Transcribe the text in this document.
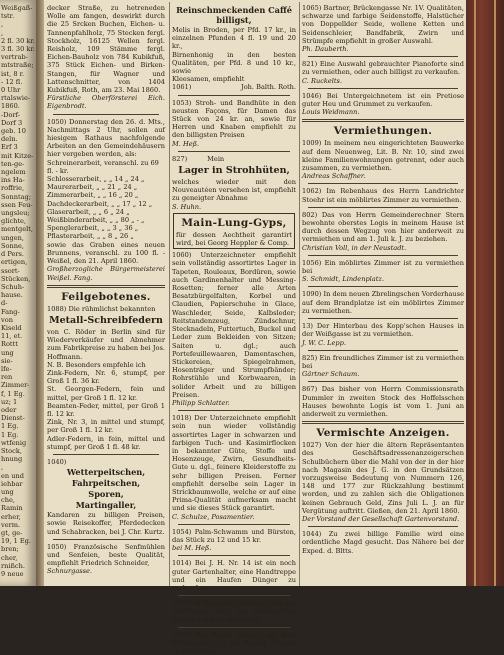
Weißgaß-
tstr.
,
,
2 fl. 30 kr.
3 fl. 30 kr.
vertrab-
mtstraße;
ist, 8 r.
- 12 fl.
0 Uhr
rtalswie-
1860.
-Dorf-
Dorf 3
geb. 10
deln.
Erf 3
mit Kitze-
ten-ge-
ngelem
ins Ha-
roffrie,
Sonntag;
ssen Feu-
ungsleu;
glichte,
mentgelt,
ungen,
Sonne,
d Pers.
ertigen,
ssort-
Stücken,
Schuh-
hause.
d-
Fang-
von
Kiseld
11, et.
Rottt
ung
sie-
lfe-
ren
Zimmer-
f, 1 Eg.
uz; 1
oder
Dienst-
1 Eg.
1 Eg.
wtfenig
Stock,
hnung
,
en und
iehbar
ung
che,
Ramin
erher,
verm.
gt, ge-
19, 1 Eg.
bren;
cher,
rnißch.
9 neue

decker Straße, zu hetreneden Wolle am fangen, deswirkt durch die 25 Srcken Buchen, Eichen- u. Tannenpfahlholz, 75 Stecken fergl. Stockholz, 16125 Wellen fergl. Reisholz, 109 Stämme fergl. Eichen-Bauholz von 784 Kubikfuß, 375 Stück Eichen- und Birken-Stangen, für Wagner und Lattenschnitter, von 1404 Kubikfuß, Roth, am 23. Mai 1860.

Fürstliche Oberförsterei Eich. Eigenbrodt.

1050) Donnerstag den 26. d. Mts., Nachmittags 2 Uhr, sollen auf hiesigem Rathaus nachfolgende Arbeiten an den Gemeindehäusern hier vergeben werden, als:

Schreinerarbeit, veranschl. zu 69 fl. - kr.
Schlosserarbeit, „ „ 14 „ 24 „
Maurerarbeit, „ „ 21 „ 24 „
Zimmerarbeit, „ „ 16 „ 20 „
Dachdeckerarbeit, „ „ 17 „ 12 „
Glaserarbeit, „ „ 6 „ 24 „
Weißbinderarbeit, „ „ 80 „ - „
Spenglerarbeit, „ „ 3 „ 36 „
Pflasterarbeit, „ „ 8 „ 26 „

sowie das Graben eines neuen Brunnens, veranschl. zu 100 fl. - Weißel, den 21. April 1860.

Großherzogliche Bürgermeisterei Weißel. Fang.

Feilgebotenes.

1088) Die rühmlichst bekannten

Metall-Schreibfedern

von C. Röder in Berlin sind für Wiederverkäufer und Abnehmer zum Fabrikpreise zu haben bei Jos. Hoffmann.

N. B. Besonders empfehle ich

Zink-Federn, Nr. 6, stumpf, per Groß 1 fl. 36 kr.

St. Georgen-Federn, fein und mittel, per Groß 1 fl. 12 kr.

Beamten-Feder, mittel, per Groß 1 fl. 12 kr.

Zink, Nr. 3, in mittel und stumpf, per Groß 1 fl. 12 kr.

Adler-Federn, in fein, mittel und stumpf, per Groß 1 fl. 48 kr.

1040)

Wetterpeitschen,
Fahrpeitschen,
Sporen,
Martingaller,

Kandaren zu billigen Preisen, sowie Reisekoffer, Pferdedecken und Schabracken, bei J. Chr. Kurtz.

1050) Französische Senfmühlen und Senfeien, beste Qualität, empfiehlt Friedrich Schneider,

Schnurgasse.

Reinschmeckenden Caffé billigst,

Melis in Broden, per Pfd. 17 kr., in einzelnen Pfunden 4 fl. 19 und 20 kr.,

Birnenhonig in den besten Qualitäten, per Pfd. 8 und 10 kr., sowie

Kleesamen, empfiehlt

1061)	Joh. Balth. Roth.

1053) Stroh- und Bandhüte in den neusten Façons, für Damen das Stück von 24 kr. an, sowie für Herren und Knaben empfiehlt zu den billigsten Preisen

M. Heß.

827)	Mein

Lager in Strohhüten,

welches wieder mit den Nouveautéen versehen ist, empfiehlt zu geneigter Abnahme

S. Huhn.

Main-Lung-Gyps,

für dessen Aechtheit garantirt wird, bei Georg Heppler & Comp.

1060) Unterzeichneter empfiehlt sein vollständig assortirtes Lager in Tapeten, Rouleaux, Bordüren, sowie auch Gardinenhalter und Messing-Rosetten; ferner alle Arten Besatzbürgelfalten, Korbel und Claudien, Papierschuhe in Glace, Waschleder, Seide, Kalbsleder; Reitstandenzeug, Zündschnur, Stecknadeln, Futtertuch, Buckel und Leder zum Bekleiden von Sitzen; Saiten u. dgl.; auch Portefeuillewaaren, Damentaschen, Stickereien, Spiegelrahmen, Hosenträger und Strumpfbänder; Rohrstühle und Korbwaaren, in solider Arbeit und zu billigen Preisen.

Philipp Schlatter.

1018) Der Unterzeichnete empfiehlt sein nun wieder vollständig assortirtes Lager in schwarzen und farbigen Tuch- und Kasimirflocken in bekannter Güte, Stoffe und Hosenzeuge, Zwirn, Gesundheits-Gute u. dgl., feinere Kleiderstoffe zu sehr billigen Preisen. Ferner empfiehlt derselbe sein Lager in Strickbaumwolle, welche er auf eine Prima-Qualität aufmerksam macht und sie dieses Stück garantirt.

C. Schulze, Posamentier.

1054) Palm-Schwamm und Bürsten, das Stück zu 12 und 15 kr.

bei M. Heß.

1014) Bei J. H. Nr. 14 ist ein noch guter Gartenhalter, eine Handtreppe und ein Haufen Dünger zu verkaufen.

1037) In Haus des Goldner Löwe am Marktplatz sind ein gebrauchtes Klavier billig zu verkaufen.

1004) Bei Daniel Rimper auf dem Kirchenplatz ist ein Haufen Dünger zu verkaufen.

1065) Bartner, Brückengasse Nr. 1V. Qualitäten, schwarze und farbige Seidenstoffe, Halstücher von Doppellder Seide, wollene Ketten und Seidenschleier, Bandfabrik, Zwirn und Strümpfe empfiehlt in großer Auswahl.

Ph. Dauberth.

821) Eine Auswahl gebrauchter Pianoforte sind zu vermiethen, oder auch billigst zu verkaufen.

C. Ruckelts.

1046) Bei Untergeichnetem ist ein Pretiose guter Heu und Grummet zu verkaufen.

Louis Weidmann.

Vermiethungen.

1009) In meinem neu eingerichteten Bauwerke auf dem Neuenweg, Lit. B. Nr. 10, sind zwei kleine Familienwohnungen getrennt, oder auch zusammen, zu vermiethen.

Andreas Schaffner.

1062) Im Rebenhaus des Herrn Landrichter Stoehr ist ein möblirtes Zimmer zu vermiethen.

802) Das von Herrn Gemeinderechner Stern bewohnte oberstes Logis in meinem Hause ist durch dessen Wegzug von hier anderweit zu vermiethen und am 1. Juli k. J. zu beziehen.

Christian Voll, in der Neustadt.

1056) Ein möblirtes Zimmer ist zu vermiethen bei

S. Schmidt, Lindenplatz.

1090) In dem neuen Zbrelingschen Vorderhause auf dem Brandplatze ist ein möblirtes Zimmer zu vermiethen.

13) Der Hinterbau des Kopp'schen Hauses in der Weißgasse ist zu vermiethen.

J. W. C. Lepp.

825) Ein freundliches Zimmer ist zu vermiethen bei

Gärtner Schaum.

867) Das bisher von Herrn Commissionsrath Dummler in zweiten Stock des Hoffelsschen Hauses bewohnte Logis ist vom 1. Juni an anderweit zu vermiethen.

Vermischte Anzeigen.

1027) Von der hier die ältern Repräsentanten des Geschäftsadressenanzeigerschen Schulbüchern über die Mahl von der in der hier nach Magasin des J. G. in den Grundsätzen vorzugsweise Bedeutung von Nummern 126, 148 und 177 zur Rückzahlung bestimmt worden, und zu zahlen sich die Obligationen keinen Gebrauch Geld, Zins Juli L. J. an für Vergütung auftritt. Gießen, den 21. April 1860.

Der Vorstand der Gesellschaft Gartenvorstand.

1044) Zu zwei billige Familie wird eine ordentliche Magd gesucht. Das Nähere bei der Exped. d. Bltts.
